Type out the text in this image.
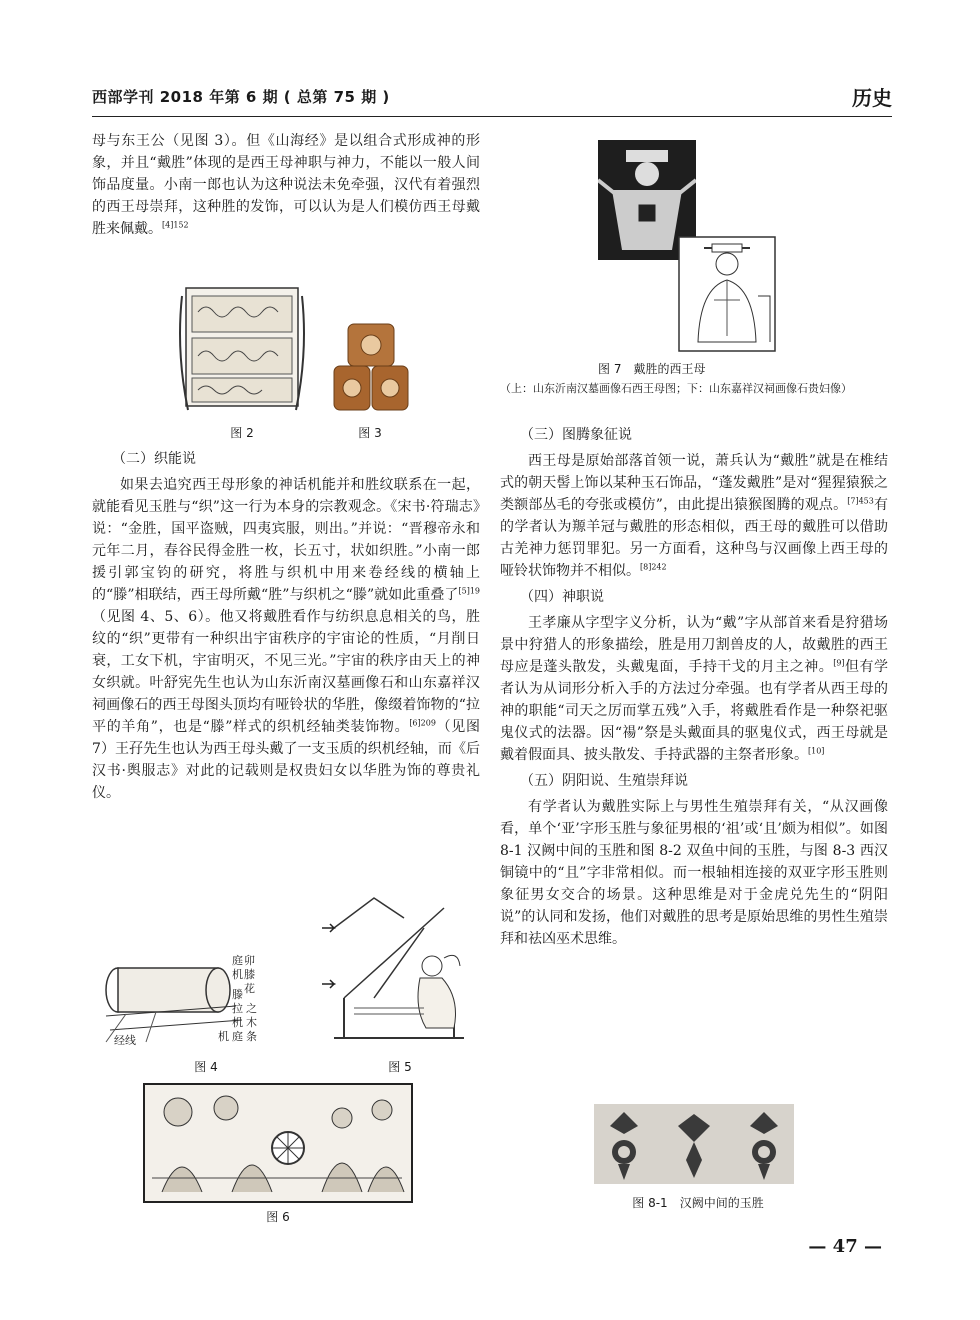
西部学刊 2018 年第 6 期 ( 总第 75 期 )	历史

母与东王公（见图 3）。但《山海经》是以组合式形成神的形象，并且“戴胜”体现的是西王母神职与神力，不能以一般人间饰品度量。小南一郎也认为这种说法未免牵强，汉代有着强烈的西王母崇拜，这种胜的发饰，可以认为是人们模仿西王母戴胜来佩戴。$^{[4]152}$

图 2	图 3
（二）织能说

如果去追究西王母形象的神话机能并和胜纹联系在一起，就能看见玉胜与“织”这一行为本身的宗教观念。《宋书·符瑞志》说：“金胜，国平盗贼，四夷宾服，则出。”并说：“晋穆帝永和元年二月，春谷民得金胜一枚，长五寸，状如织胜。”小南一郎援引郭宝钧的研究，将胜与织机中用来卷经线的横轴上的“滕”相联结，西王母所戴“胜”与织机之“滕”就如此重叠了$^{[5]19}$（见图 4、5、6）。他又将戴胜看作与纺织息息相关的鸟，胜纹的“织”更带有一种织出宇宙秩序的宇宙论的性质，“月削日衰，工女下机，宇宙明灭，不见三光。”宇宙的秩序由天上的神女织就。叶舒宪先生也认为山东沂南汉墓画像石和山东嘉祥汉祠画像石的西王母图头顶均有哑铃状的华胜，像缀着饰物的“拉平的羊角”，也是“滕”样式的织机经轴类装饰物。$^{[6]209}$（见图 7）王孖先生也认为西王母头戴了一支玉质的织机经轴，而《后汉书·舆服志》对此的记载则是权贵妇女以华胜为饰的尊贵礼仪。

经线
庭
机
卯
膝
花
滕
拉
机
之
木
条
庭
机
图 4	图 5
图 6
图 7　戴胜的西王母
（上：山东沂南汉墓画像石西王母图；下：山东嘉祥汉祠画像石贵妇像）
（三）图腾象征说

西王母是原始部落首领一说，萧兵认为“戴胜”就是在椎结式的朝天髻上饰以某种玉石饰品，“蓬发戴胜”是对“猩猩猿猴之类额部丛毛的夸张或模仿”，由此提出猿猴图腾的观点。$^{[7]453}$有的学者认为羱羊冠与戴胜的形态相似，西王母的戴胜可以借助古羌神力惩罚罪犯。另一方面看，这种鸟与汉画像上西王母的哑铃状饰物并不相似。$^{[8]242}$

（四）神职说

王孝廉从字型字义分析，认为“戴”字从部首来看是狩猎场景中狩猎人的形象描绘，胜是用刀割兽皮的人，故戴胜的西王母应是蓬头散发，头戴鬼面，手持干戈的月主之神。[9]但有学者认为从词形分析入手的方法过分牵强。也有学者从西王母的神的职能“司天之厉而掌五残”入手，将戴胜看作是一种祭祀驱鬼仪式的法器。因“禓”祭是头戴面具的驱鬼仪式，西王母就是戴着假面具、披头散发、手持武器的主祭者形象。[10]

（五）阴阳说、生殖崇拜说

有学者认为戴胜实际上与男性生殖崇拜有关，“从汉画像看，单个‘亚’字形玉胜与象征男根的‘祖’或‘且’颇为相似”。如图 8-1 汉阙中间的玉胜和图 8-2 双鱼中间的玉胜，与图 8-3 西汉铜镜中的“且”字非常相似。而一根轴相连接的双亚字形玉胜则象征男女交合的场景。这种思维是对于金虎兑先生的“阴阳说”的认同和发扬，他们对戴胜的思考是原始思维的男性生殖崇拜和祛凶巫术思维。

图 8-1　汉阙中间的玉胜
— 47 —
